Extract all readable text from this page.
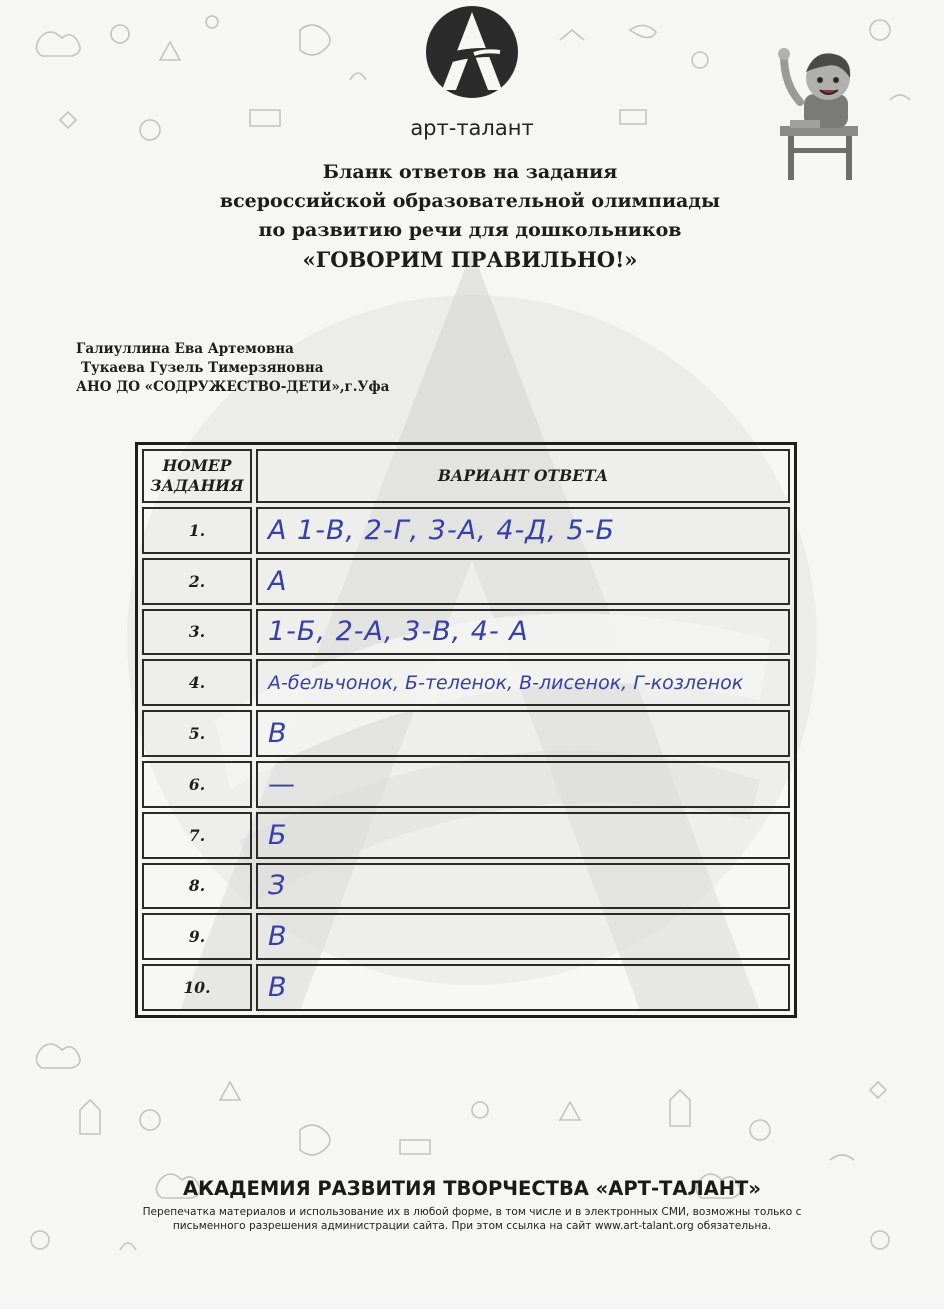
арт-талант
Бланк ответов на задания
всероссийской образовательной олимпиады
по развитию речи для дошкольников
«ГОВОРИМ ПРАВИЛЬНО!»
Галиуллина Ева Артемовна
Тукаева Гузель Тимерзяновна
АНО ДО «СОДРУЖЕСТВО-ДЕТИ»,г.Уфа
НОМЕР
ЗАДАНИЯ	ВАРИАНТ ОТВЕТА
1.	А 1-В, 2-Г, 3-А, 4-Д, 5-Б
2.	А
3.	1-Б, 2-А, 3-В, 4- А
4.	А-бельчонок, Б-теленок, В-лисенок, Г-козленок
5.	В
6.	—
7.	Б
8.	З
9.	В
10.	В
АКАДЕМИЯ РАЗВИТИЯ ТВОРЧЕСТВА «АРТ-ТАЛАНТ»
Перепечатка материалов и использование их в любой форме, в том числе и в электронных СМИ, возможны только с
письменного разрешения администрации сайта. При этом ссылка на сайт www.art-talant.org обязательна.
